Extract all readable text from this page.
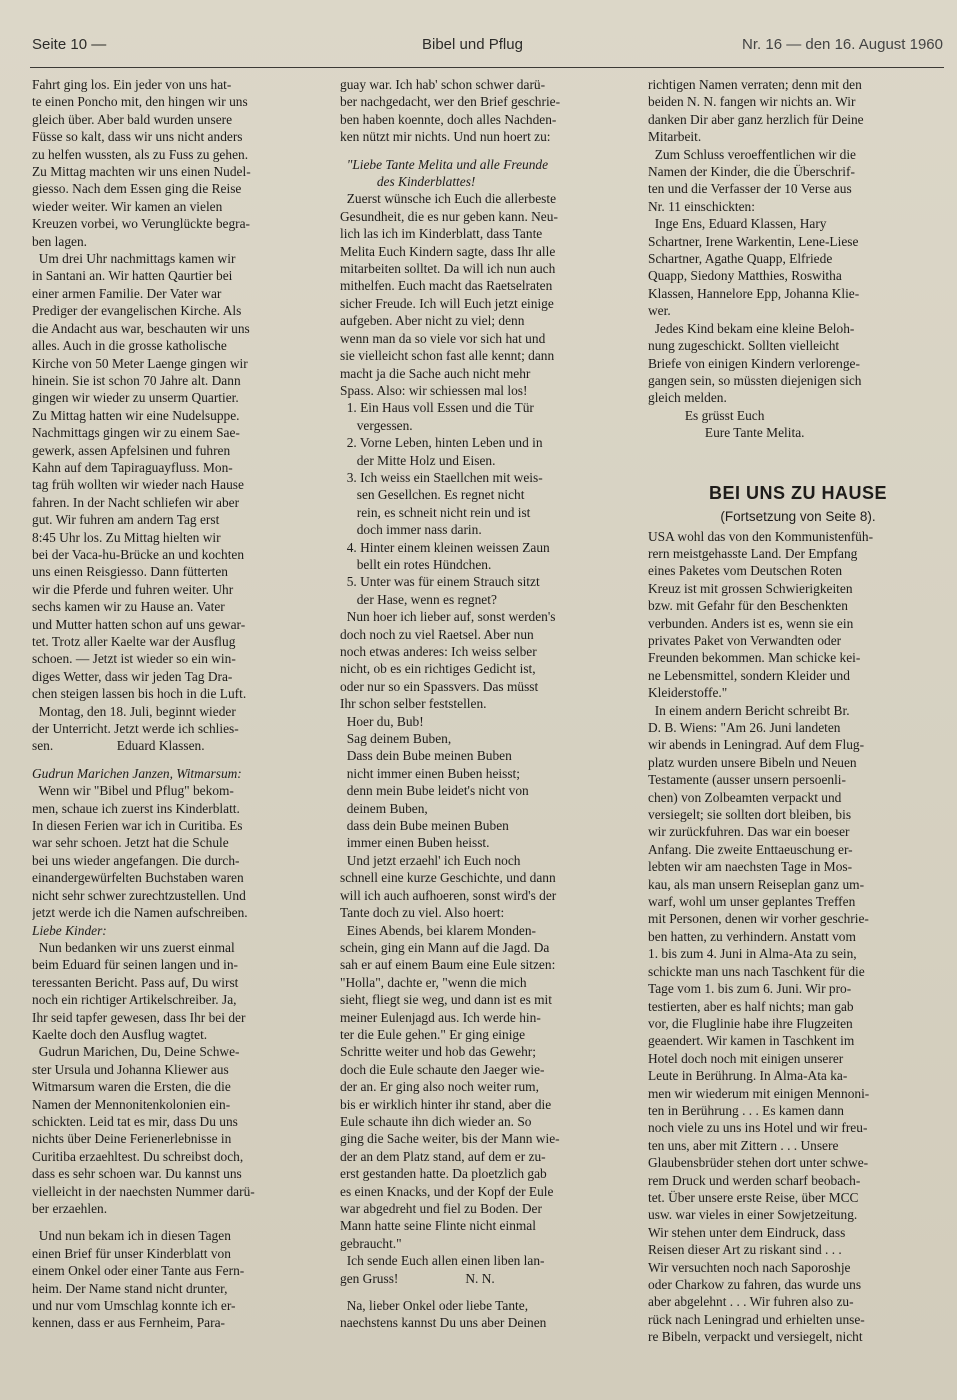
Seite 10 —	Bibel und Pflug	Nr. 16 — den 16. August 1960
Fahrt ging los. Ein jeder von uns hat-
te einen Poncho mit, den hingen wir uns
gleich über. Aber bald wurden unsere
Füsse so kalt, dass wir uns nicht anders
zu helfen wussten, als zu Fuss zu gehen.
Zu Mittag machten wir uns einen Nudel-
giesso. Nach dem Essen ging die Reise
wieder weiter. Wir kamen an vielen
Kreuzen vorbei, wo Verunglückte begra-
ben lagen.
Um drei Uhr nachmittags kamen wir
in Santani an. Wir hatten Qaurtier bei
einer armen Familie. Der Vater war
Prediger der evangelischen Kirche. Als
die Andacht aus war, beschauten wir uns
alles. Auch in die grosse katholische
Kirche von 50 Meter Laenge gingen wir
hinein. Sie ist schon 70 Jahre alt. Dann
gingen wir wieder zu unserm Quartier.
Zu Mittag hatten wir eine Nudelsuppe.
Nachmittags gingen wir zu einem Sae-
gewerk, assen Apfelsinen und fuhren
Kahn auf dem Tapiraguayfluss. Mon-
tag früh wollten wir wieder nach Hause
fahren. In der Nacht schliefen wir aber
gut. Wir fuhren am andern Tag erst
8:45 Uhr los. Zu Mittag hielten wir
bei der Vaca-hu-Brücke an und kochten
uns einen Reisgiesso. Dann fütterten
wir die Pferde und fuhren weiter. Uhr
sechs kamen wir zu Hause an. Vater
und Mutter hatten schon auf uns gewar-
tet. Trotz aller Kaelte war der Ausflug
schoen. — Jetzt ist wieder so ein win-
diges Wetter, dass wir jeden Tag Dra-
chen steigen lassen bis hoch in die Luft.
Montag, den 18. Juli, beginnt wieder
der Unterricht. Jetzt werde ich schlies-
sen.                   Eduard Klassen.
Gudrun Marichen Janzen, Witmarsum:
Wenn wir "Bibel und Pflug" bekom-
men, schaue ich zuerst ins Kinderblatt.
In diesen Ferien war ich in Curitiba. Es
war sehr schoen. Jetzt hat die Schule
bei uns wieder angefangen. Die durch-
einandergewürfelten Buchstaben waren
nicht sehr schwer zurechtzustellen. Und
jetzt werde ich die Namen aufschreiben.
Liebe Kinder:
Nun bedanken wir uns zuerst einmal
beim Eduard für seinen langen und in-
teressanten Bericht. Pass auf, Du wirst
noch ein richtiger Artikelschreiber. Ja,
Ihr seid tapfer gewesen, dass Ihr bei der
Kaelte doch den Ausflug wagtet.
Gudrun Marichen, Du, Deine Schwe-
ster Ursula und Johanna Kliewer aus
Witmarsum waren die Ersten, die die
Namen der Mennonitenkolonien ein-
schickten. Leid tat es mir, dass Du uns
nichts über Deine Ferienerlebnisse in
Curitiba erzaehltest. Du schreibst doch,
dass es sehr schoen war. Du kannst uns
vielleicht in der naechsten Nummer darü-
ber erzaehlen.
Und nun bekam ich in diesen Tagen
einen Brief für unser Kinderblatt von
einem Onkel oder einer Tante aus Fern-
heim. Der Name stand nicht drunter,
und nur vom Umschlag konnte ich er-
kennen, dass er aus Fernheim, Para-
guay war. Ich hab' schon schwer darü-
ber nachgedacht, wer den Brief geschrie-
ben haben koennte, doch alles Nachden-
ken nützt mir nichts. Und nun hoert zu:
"Liebe Tante Melita und alle Freunde
des Kinderblattes!
Zuerst wünsche ich Euch die allerbeste
Gesundheit, die es nur geben kann. Neu-
lich las ich im Kinderblatt, dass Tante
Melita Euch Kindern sagte, dass Ihr alle
mitarbeiten solltet. Da will ich nun auch
mithelfen. Euch macht das Raetselraten
sicher Freude. Ich will Euch jetzt einige
aufgeben. Aber nicht zu viel; denn
wenn man da so viele vor sich hat und
sie vielleicht schon fast alle kennt; dann
macht ja die Sache auch nicht mehr
Spass. Also: wir schiessen mal los!
1. Ein Haus voll Essen und die Tür
vergessen.
2. Vorne Leben, hinten Leben und in
der Mitte Holz und Eisen.
3. Ich weiss ein Staellchen mit weis-
sen Gesellchen. Es regnet nicht
rein, es schneit nicht rein und ist
doch immer nass darin.
4. Hinter einem kleinen weissen Zaun
bellt ein rotes Hündchen.
5. Unter was für einem Strauch sitzt
der Hase, wenn es regnet?
Nun hoer ich lieber auf, sonst werden's
doch noch zu viel Raetsel. Aber nun
noch etwas anderes: Ich weiss selber
nicht, ob es ein richtiges Gedicht ist,
oder nur so ein Spassvers. Das müsst
Ihr schon selber feststellen.
Hoer du, Bub!
Sag deinem Buben,
Dass dein Bube meinen Buben
nicht immer einen Buben heisst;
denn mein Bube leidet's nicht von
deinem Buben,
dass dein Bube meinen Buben
immer einen Buben heisst.
Und jetzt erzaehl' ich Euch noch
schnell eine kurze Geschichte, und dann
will ich auch aufhoeren, sonst wird's der
Tante doch zu viel. Also hoert:
Eines Abends, bei klarem Monden-
schein, ging ein Mann auf die Jagd. Da
sah er auf einem Baum eine Eule sitzen:
"Holla", dachte er, "wenn die mich
sieht, fliegt sie weg, und dann ist es mit
meiner Eulenjagd aus. Ich werde hin-
ter die Eule gehen." Er ging einige
Schritte weiter und hob das Gewehr;
doch die Eule schaute den Jaeger wie-
der an. Er ging also noch weiter rum,
bis er wirklich hinter ihr stand, aber die
Eule schaute ihn dich wieder an. So
ging die Sache weiter, bis der Mann wie-
der an dem Platz stand, auf dem er zu-
erst gestanden hatte. Da ploetzlich gab
es einen Knacks, und der Kopf der Eule
war abgedreht und fiel zu Boden. Der
Mann hatte seine Flinte nicht einmal
gebraucht."
Ich sende Euch allen einen liben lan-
gen Gruss!                    N. N.
Na, lieber Onkel oder liebe Tante,
naechstens kannst Du uns aber Deinen
richtigen Namen verraten; denn mit den
beiden N. N. fangen wir nichts an. Wir
danken Dir aber ganz herzlich für Deine
Mitarbeit.
Zum Schluss veroeffentlichen wir die
Namen der Kinder, die die Überschrif-
ten und die Verfasser der 10 Verse aus
Nr. 11 einschickten:
Inge Ens, Eduard Klassen, Hary
Schartner, Irene Warkentin, Lene-Liese
Schartner, Agathe Quapp, Elfriede
Quapp, Siedony Matthies, Roswitha
Klassen, Hannelore Epp, Johanna Klie-
wer.
Jedes Kind bekam eine kleine Beloh-
nung zugeschickt. Sollten vielleicht
Briefe von einigen Kindern verlorenge-
gangen sein, so müssten diejenigen sich
gleich melden.
Es grüsst Euch
Eure Tante Melita.
BEI UNS ZU HAUSE
(Fortsetzung von Seite 8).
USA wohl das von den Kommunistenfüh-
rern meistgehasste Land. Der Empfang
eines Paketes vom Deutschen Roten
Kreuz ist mit grossen Schwierigkeiten
bzw. mit Gefahr für den Beschenkten
verbunden. Anders ist es, wenn sie ein
privates Paket von Verwandten oder
Freunden bekommen. Man schicke kei-
ne Lebensmittel, sondern Kleider und
Kleiderstoffe."
In einem andern Bericht schreibt Br.
D. B. Wiens: "Am 26. Juni landeten
wir abends in Leningrad. Auf dem Flug-
platz wurden unsere Bibeln und Neuen
Testamente (ausser unsern persoenli-
chen) von Zolbeamten verpackt und
versiegelt; sie sollten dort bleiben, bis
wir zurückfuhren. Das war ein boeser
Anfang. Die zweite Enttaeuschung er-
lebten wir am naechsten Tage in Mos-
kau, als man unsern Reiseplan ganz um-
warf, wohl um unser geplantes Treffen
mit Personen, denen wir vorher geschrie-
ben hatten, zu verhindern. Anstatt vom
1. bis zum 4. Juni in Alma-Ata zu sein,
schickte man uns nach Taschkent für die
Tage vom 1. bis zum 6. Juni. Wir pro-
testierten, aber es half nichts; man gab
vor, die Fluglinie habe ihre Flugzeiten
geaendert. Wir kamen in Taschkent im
Hotel doch noch mit einigen unserer
Leute in Berührung. In Alma-Ata ka-
men wir wiederum mit einigen Mennoni-
ten in Berührung . . . Es kamen dann
noch viele zu uns ins Hotel und wir freu-
ten uns, aber mit Zittern . . . Unsere
Glaubensbrüder stehen dort unter schwe-
rem Druck und werden scharf beobach-
tet. Über unsere erste Reise, über MCC
usw. war vieles in einer Sowjetzeitung.
Wir stehen unter dem Eindruck, dass
Reisen dieser Art zu riskant sind . . .
Wir versuchten noch nach Saporoshje
oder Charkow zu fahren, das wurde uns
aber abgelehnt . . . Wir fuhren also zu-
rück nach Leningrad und erhielten unse-
re Bibeln, verpackt und versiegelt, nicht
